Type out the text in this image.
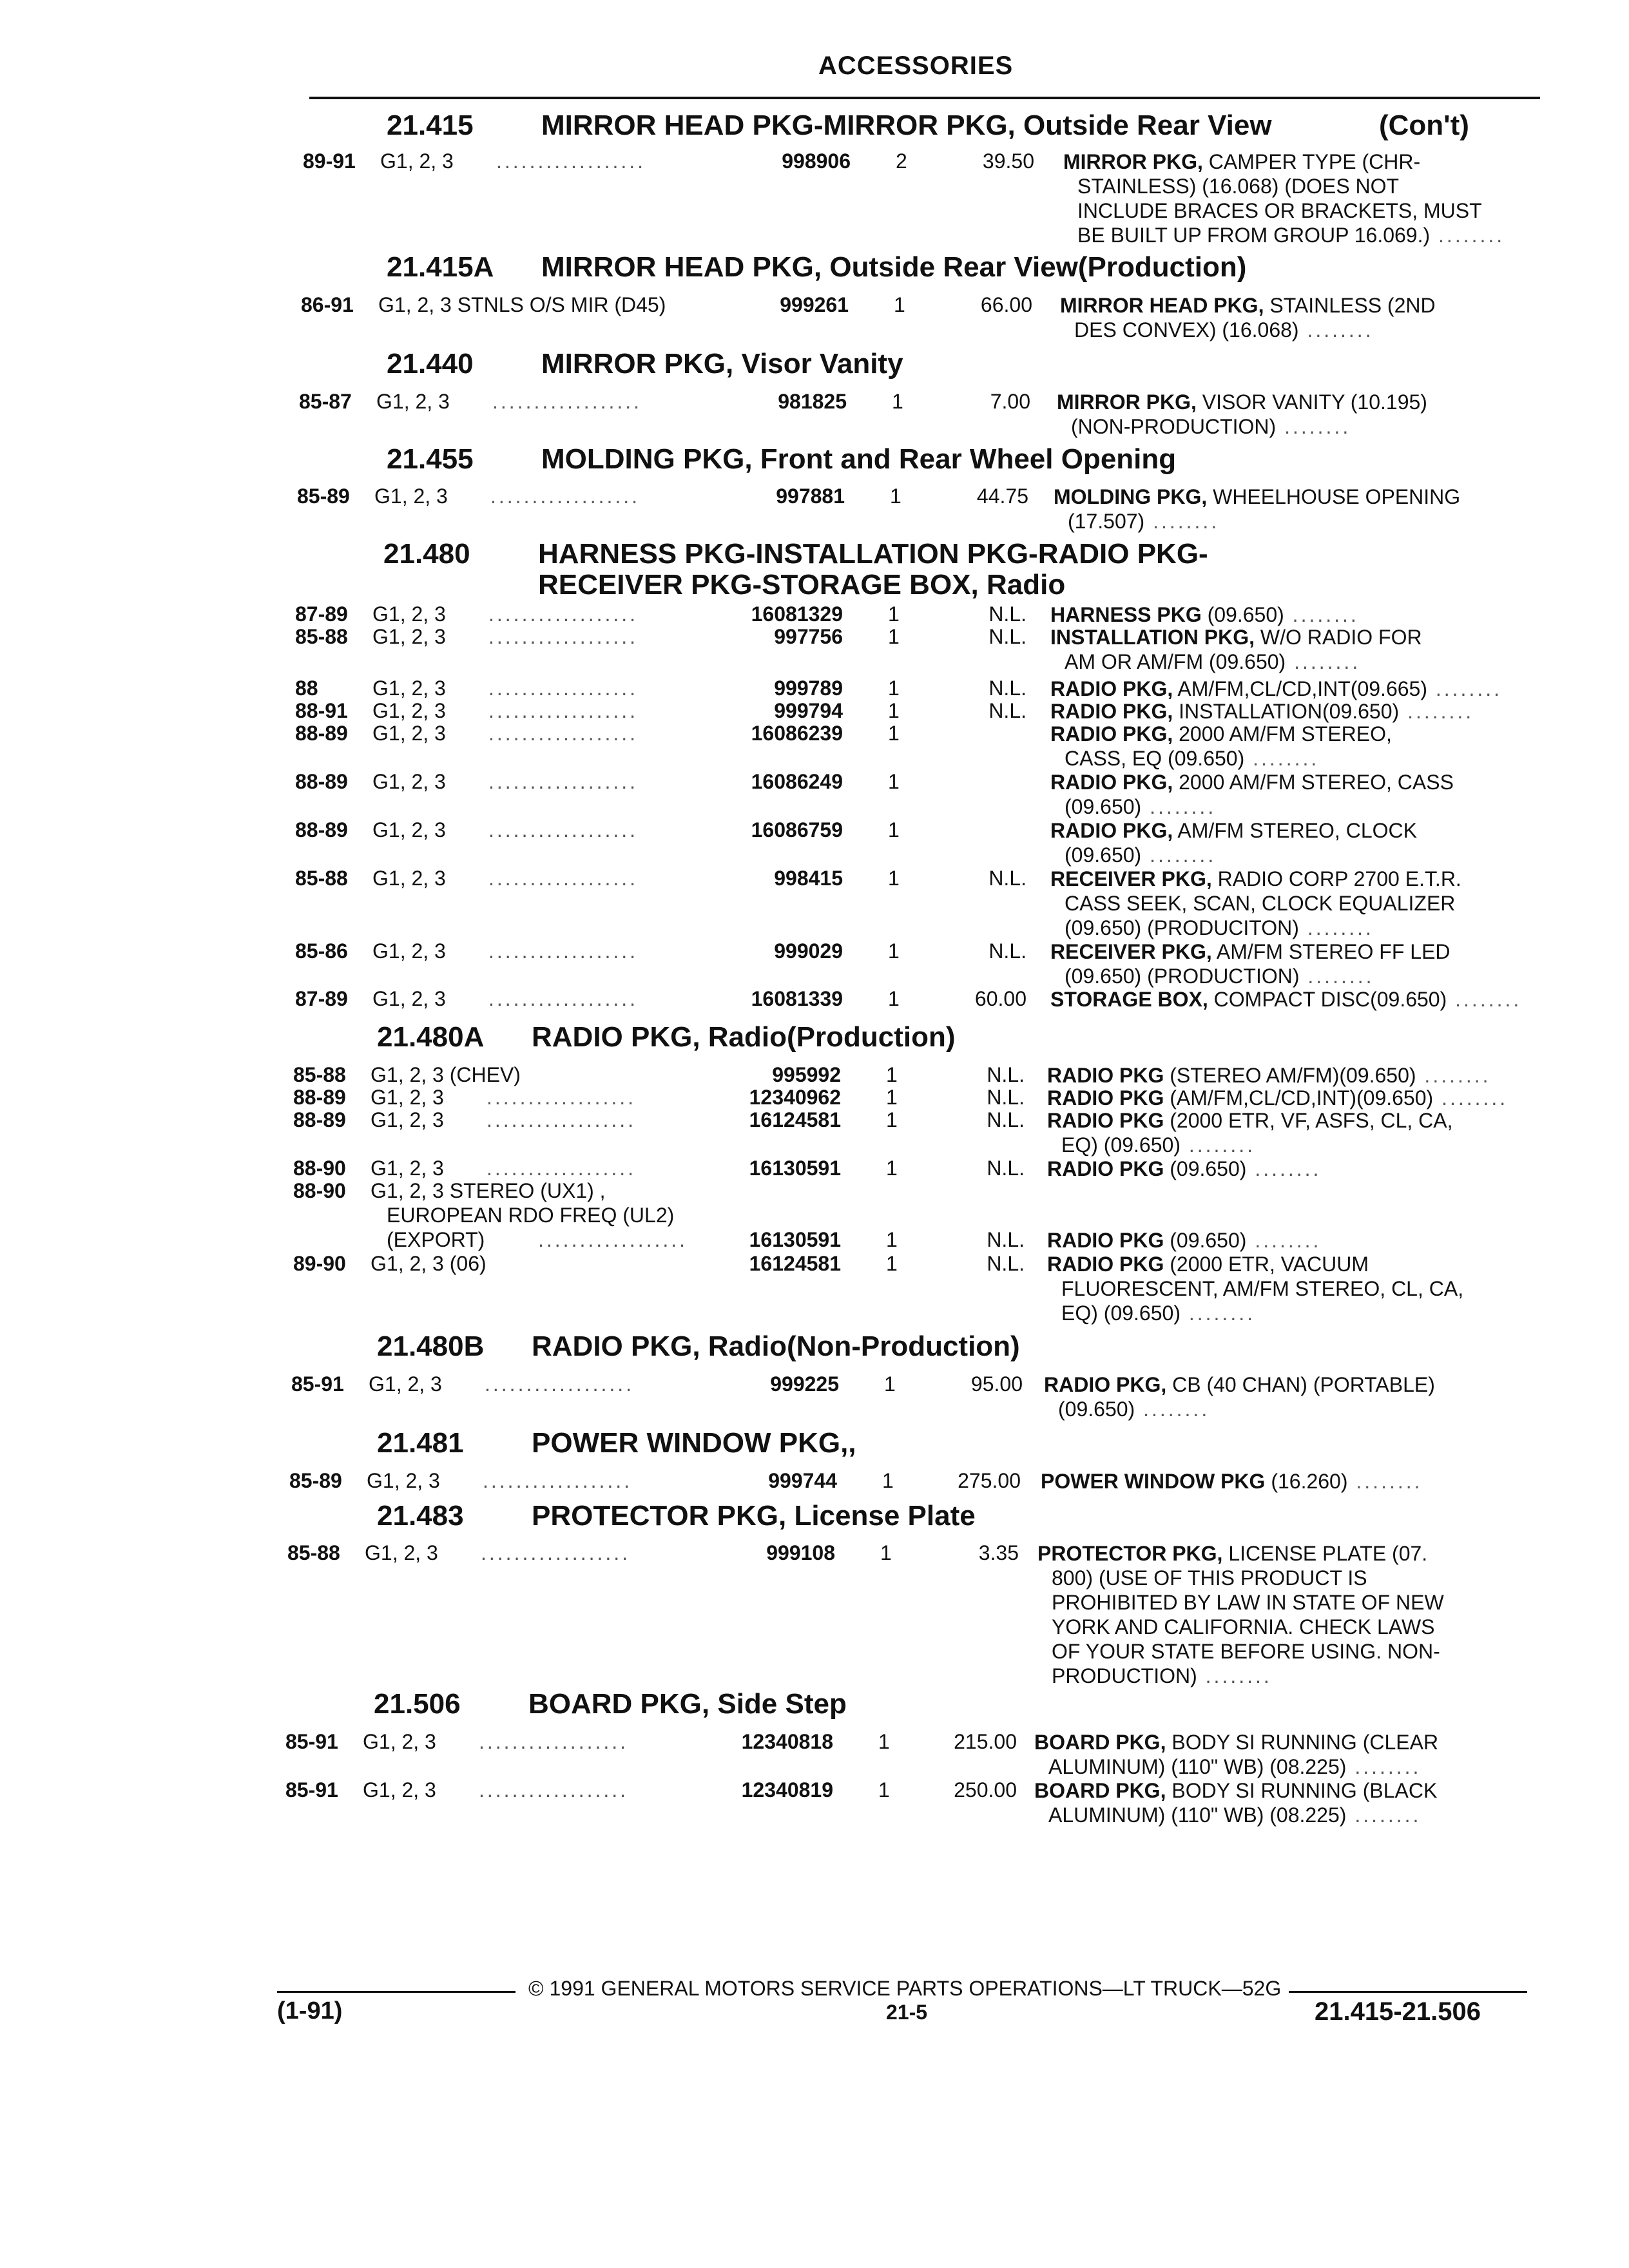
ACCESSORIES
21.415 MIRROR HEAD PKG-MIRROR PKG, Outside Rear View	(Con't)
89-91 G1, 2, 3 ..................	998906 2	39.50 MIRROR PKG, CAMPER TYPE (CHR-
STAINLESS) (16.068) (DOES NOT
INCLUDE BRACES OR BRACKETS, MUST
BE BUILT UP FROM GROUP 16.069.) ........
21.415A MIRROR HEAD PKG, Outside Rear View(Production)
86-91 G1, 2, 3 STNLS O/S MIR (D45)	999261 1	66.00 MIRROR HEAD PKG, STAINLESS (2ND
DES CONVEX) (16.068) ........
21.440 MIRROR PKG, Visor Vanity
85-87 G1, 2, 3 ..................	981825 1	7.00 MIRROR PKG, VISOR VANITY (10.195)
(NON-PRODUCTION) ........
21.455 MOLDING PKG, Front and Rear Wheel Opening
85-89 G1, 2, 3 ..................	997881 1	44.75 MOLDING PKG, WHEELHOUSE OPENING
(17.507) ........
21.480 HARNESS PKG-INSTALLATION PKG-RADIO PKG-
RECEIVER PKG-STORAGE BOX, Radio
87-89 G1, 2, 3 ..................	16081329 1	N.L. HARNESS PKG (09.650) ........
85-88 G1, 2, 3 ..................	997756 1	N.L. INSTALLATION PKG, W/O RADIO FOR
AM OR AM/FM (09.650) ........
88	G1, 2, 3 ..................	999789 1	N.L. RADIO PKG, AM/FM,CL/CD,INT(09.665) ........
88-91 G1, 2, 3 ..................	999794 1	N.L. RADIO PKG, INSTALLATION(09.650) ........
88-89 G1, 2, 3 ..................	16086239 1	RADIO PKG, 2000 AM/FM STEREO,
CASS, EQ (09.650) ........
88-89 G1, 2, 3 ..................	16086249 1	RADIO PKG, 2000 AM/FM STEREO, CASS
(09.650) ........
88-89 G1, 2, 3 ..................	16086759 1	RADIO PKG, AM/FM STEREO, CLOCK
(09.650) ........
85-88 G1, 2, 3 ..................	998415 1	N.L. RECEIVER PKG, RADIO CORP 2700 E.T.R.
CASS SEEK, SCAN, CLOCK EQUALIZER
(09.650) (PRODUCITON) ........
85-86 G1, 2, 3 ..................	999029 1	N.L. RECEIVER PKG, AM/FM STEREO FF LED
(09.650) (PRODUCTION) ........
87-89 G1, 2, 3 ..................	16081339 1	60.00 STORAGE BOX, COMPACT DISC(09.650) ........
21.480A RADIO PKG, Radio(Production)
85-88 G1, 2, 3 (CHEV)	995992 1	N.L. RADIO PKG (STEREO AM/FM)(09.650) ........
88-89 G1, 2, 3 ..................	12340962 1	N.L. RADIO PKG (AM/FM,CL/CD,INT)(09.650) ........
88-89 G1, 2, 3 ..................	16124581 1	N.L. RADIO PKG (2000 ETR, VF, ASFS, CL, CA,
EQ) (09.650) ........
88-90 G1, 2, 3 ..................	16130591 1	N.L. RADIO PKG (09.650) ........
88-90 G1, 2, 3 STEREO (UX1) ,
EUROPEAN RDO FREQ (UL2)
(EXPORT)	..................	16130591 1	N.L. RADIO PKG (09.650) ........
89-90 G1, 2, 3 (06)	16124581 1	N.L. RADIO PKG (2000 ETR, VACUUM
FLUORESCENT, AM/FM STEREO, CL, CA,
EQ) (09.650) ........
21.480B RADIO PKG, Radio(Non-Production)
85-91 G1, 2, 3 ..................	999225 1	95.00 RADIO PKG, CB (40 CHAN) (PORTABLE)
(09.650) ........
21.481 POWER WINDOW PKG,,
85-89 G1, 2, 3 ..................	999744 1	275.00 POWER WINDOW PKG (16.260) ........
21.483 PROTECTOR PKG, License Plate
85-88 G1, 2, 3 ..................	999108 1	3.35 PROTECTOR PKG, LICENSE PLATE (07.
800) (USE OF THIS PRODUCT IS
PROHIBITED BY LAW IN STATE OF NEW
YORK AND CALIFORNIA. CHECK LAWS
OF YOUR STATE BEFORE USING. NON-
PRODUCTION) ........
21.506 BOARD PKG, Side Step
85-91 G1, 2, 3 ..................	12340818 1	215.00 BOARD PKG, BODY SI RUNNING (CLEAR
ALUMINUM) (110" WB) (08.225) ........
85-91 G1, 2, 3 ..................	12340819 1	250.00 BOARD PKG, BODY SI RUNNING (BLACK
ALUMINUM) (110" WB) (08.225) ........
© 1991 GENERAL MOTORS SERVICE PARTS OPERATIONS—LT TRUCK—52G
(1-91)	21-5	21.415-21.506
